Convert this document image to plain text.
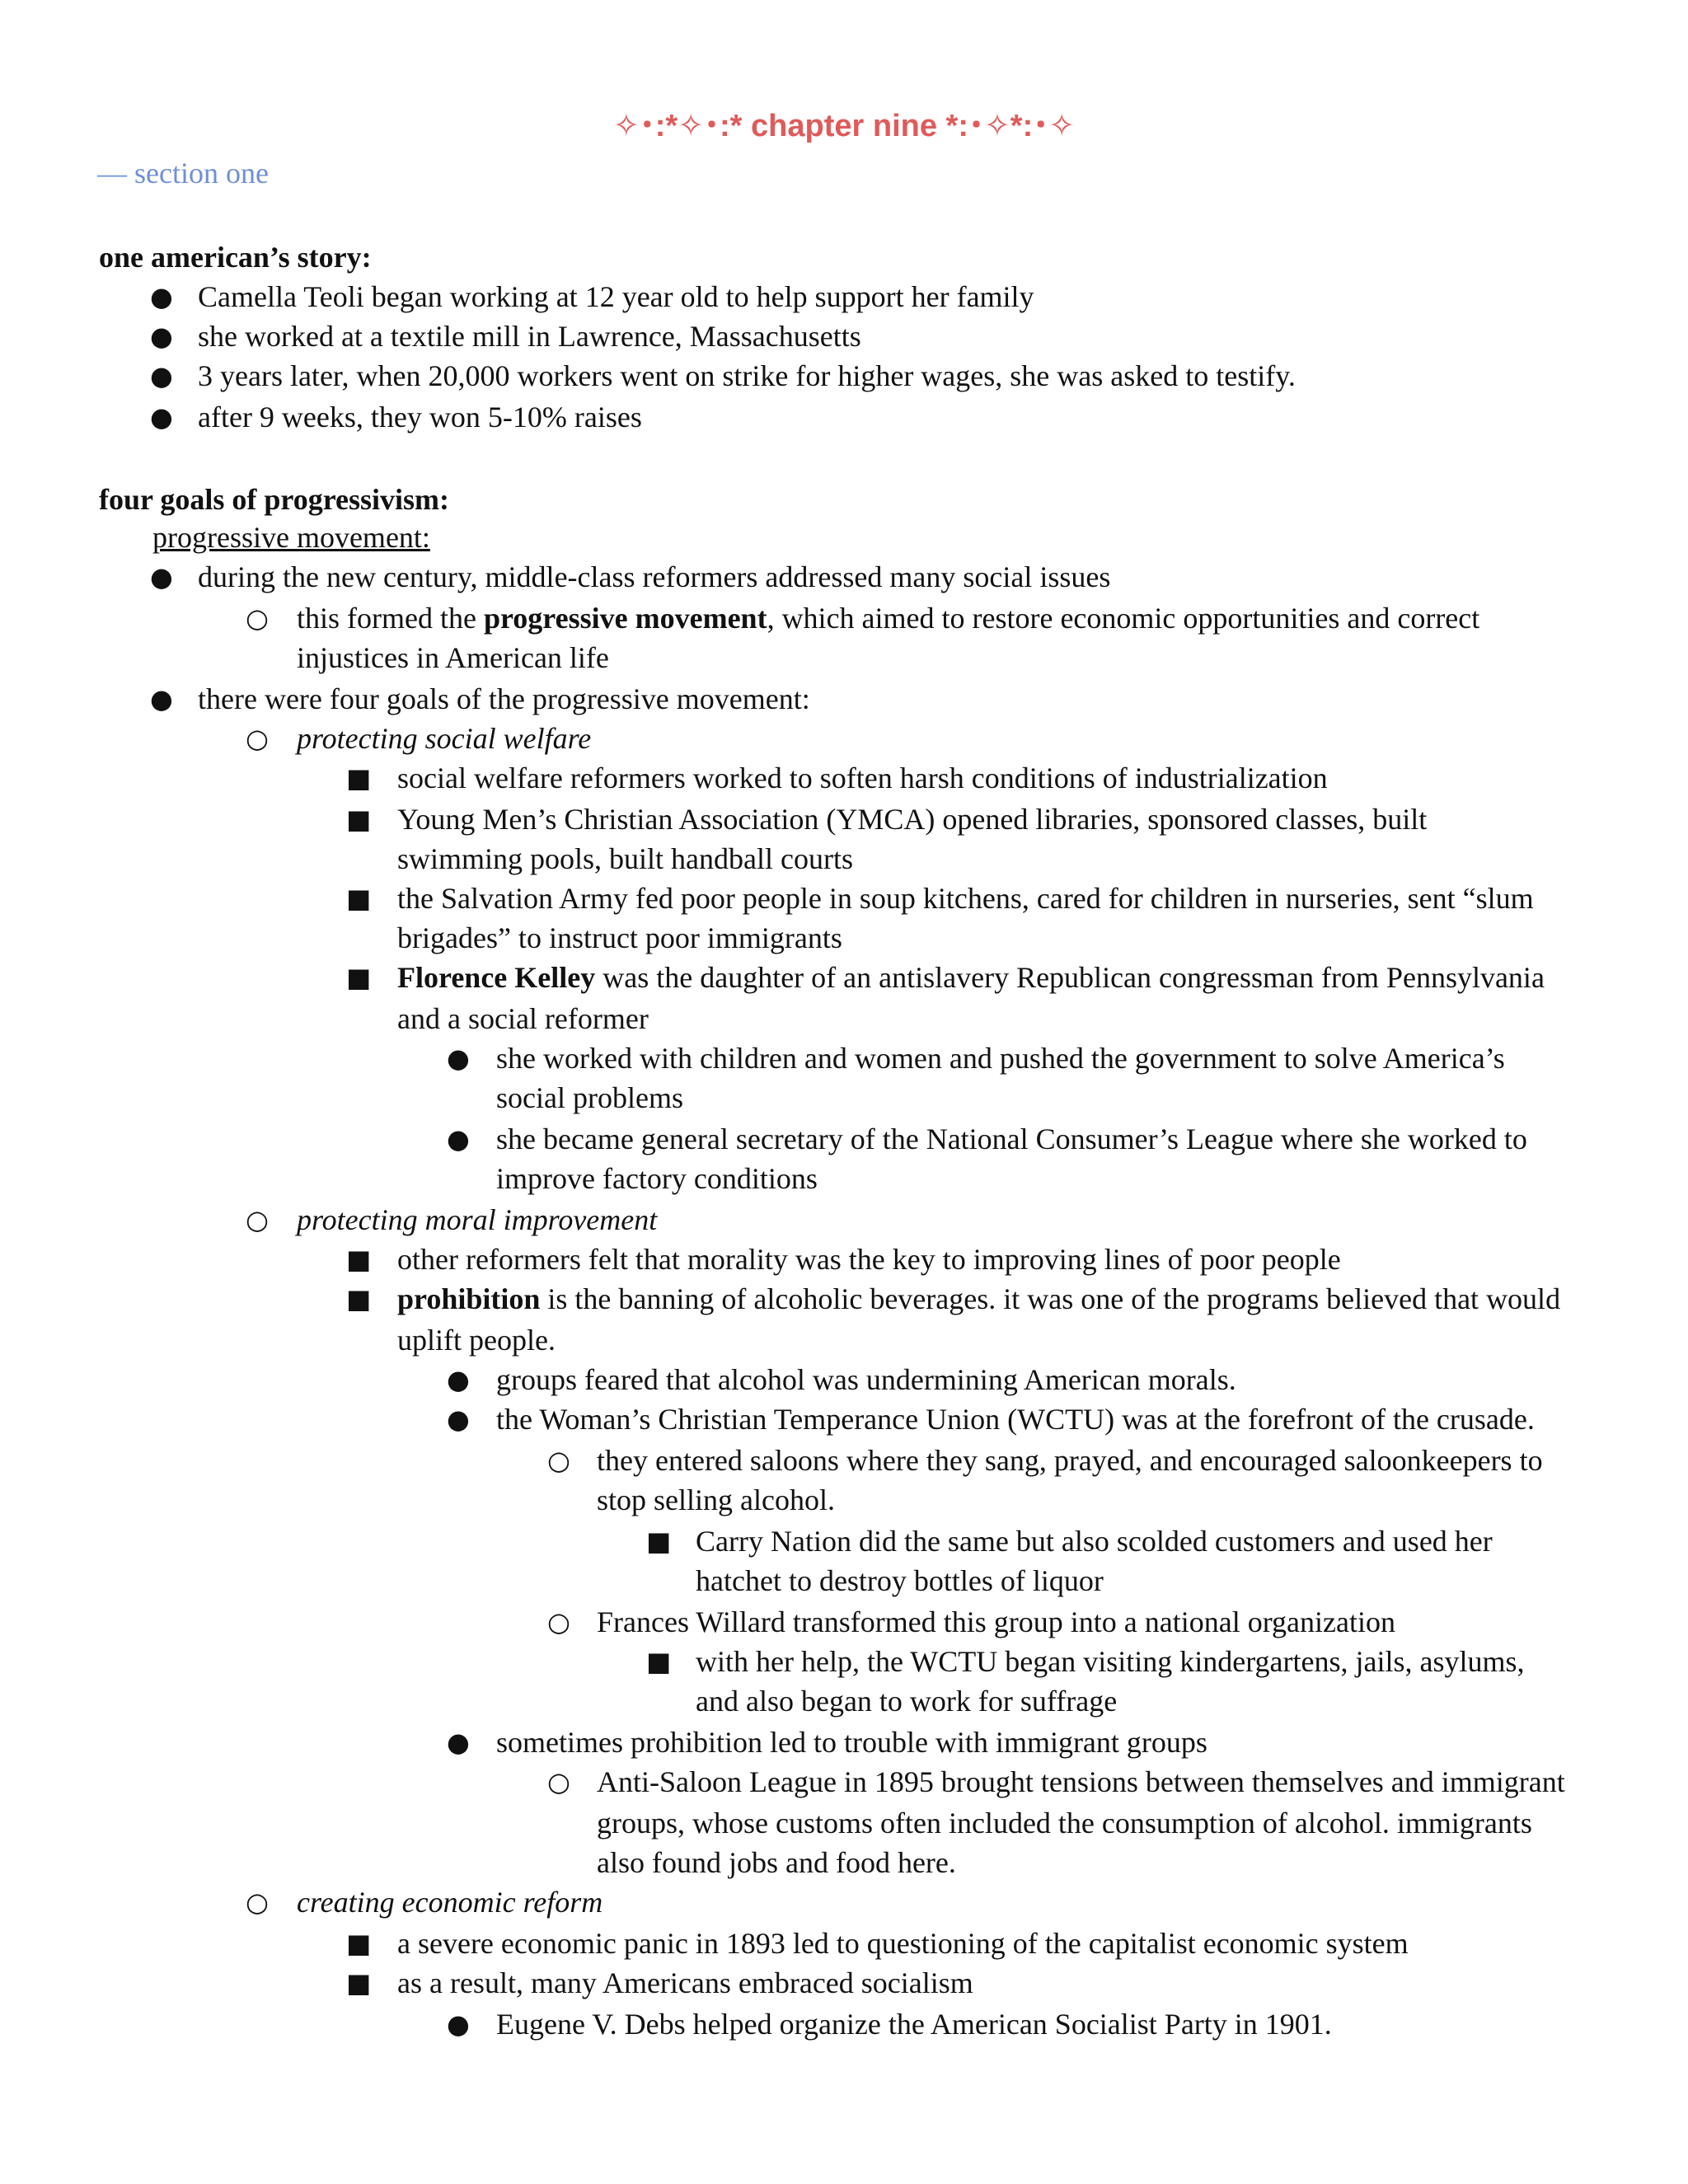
✧･:*✧･:* chapter nine *:･✧*:･✧
— section one
one american’s story:
● Camella Teoli began working at 12 year old to help support her family
● she worked at a textile mill in Lawrence, Massachusetts
● 3 years later, when 20,000 workers went on strike for higher wages, she was asked to testify.
● after 9 weeks, they won 5-10% raises
four goals of progressivism:
progressive movement:
● during the new century, middle-class reformers addressed many social issues
○ this formed the progressive movement, which aimed to restore economic opportunities and correct
injustices in American life
● there were four goals of the progressive movement:
○ protecting social welfare
■ social welfare reformers worked to soften harsh conditions of industrialization
■ Young Men’s Christian Association (YMCA) opened libraries, sponsored classes, built
swimming pools, built handball courts
■ the Salvation Army fed poor people in soup kitchens, cared for children in nurseries, sent “slum
brigades” to instruct poor immigrants
■ Florence Kelley was the daughter of an antislavery Republican congressman from Pennsylvania
and a social reformer
● she worked with children and women and pushed the government to solve America’s
social problems
● she became general secretary of the National Consumer’s League where she worked to
improve factory conditions
○ protecting moral improvement
■ other reformers felt that morality was the key to improving lines of poor people
■ prohibition is the banning of alcoholic beverages. it was one of the programs believed that would
uplift people.
● groups feared that alcohol was undermining American morals.
● the Woman’s Christian Temperance Union (WCTU) was at the forefront of the crusade.
○ they entered saloons where they sang, prayed, and encouraged saloonkeepers to
stop selling alcohol.
■ Carry Nation did the same but also scolded customers and used her
hatchet to destroy bottles of liquor
○ Frances Willard transformed this group into a national organization
■ with her help, the WCTU began visiting kindergartens, jails, asylums,
and also began to work for suffrage
● sometimes prohibition led to trouble with immigrant groups
○ Anti-Saloon League in 1895 brought tensions between themselves and immigrant
groups, whose customs often included the consumption of alcohol. immigrants
also found jobs and food here.
○ creating economic reform
■ a severe economic panic in 1893 led to questioning of the capitalist economic system
■ as a result, many Americans embraced socialism
● Eugene V. Debs helped organize the American Socialist Party in 1901.
